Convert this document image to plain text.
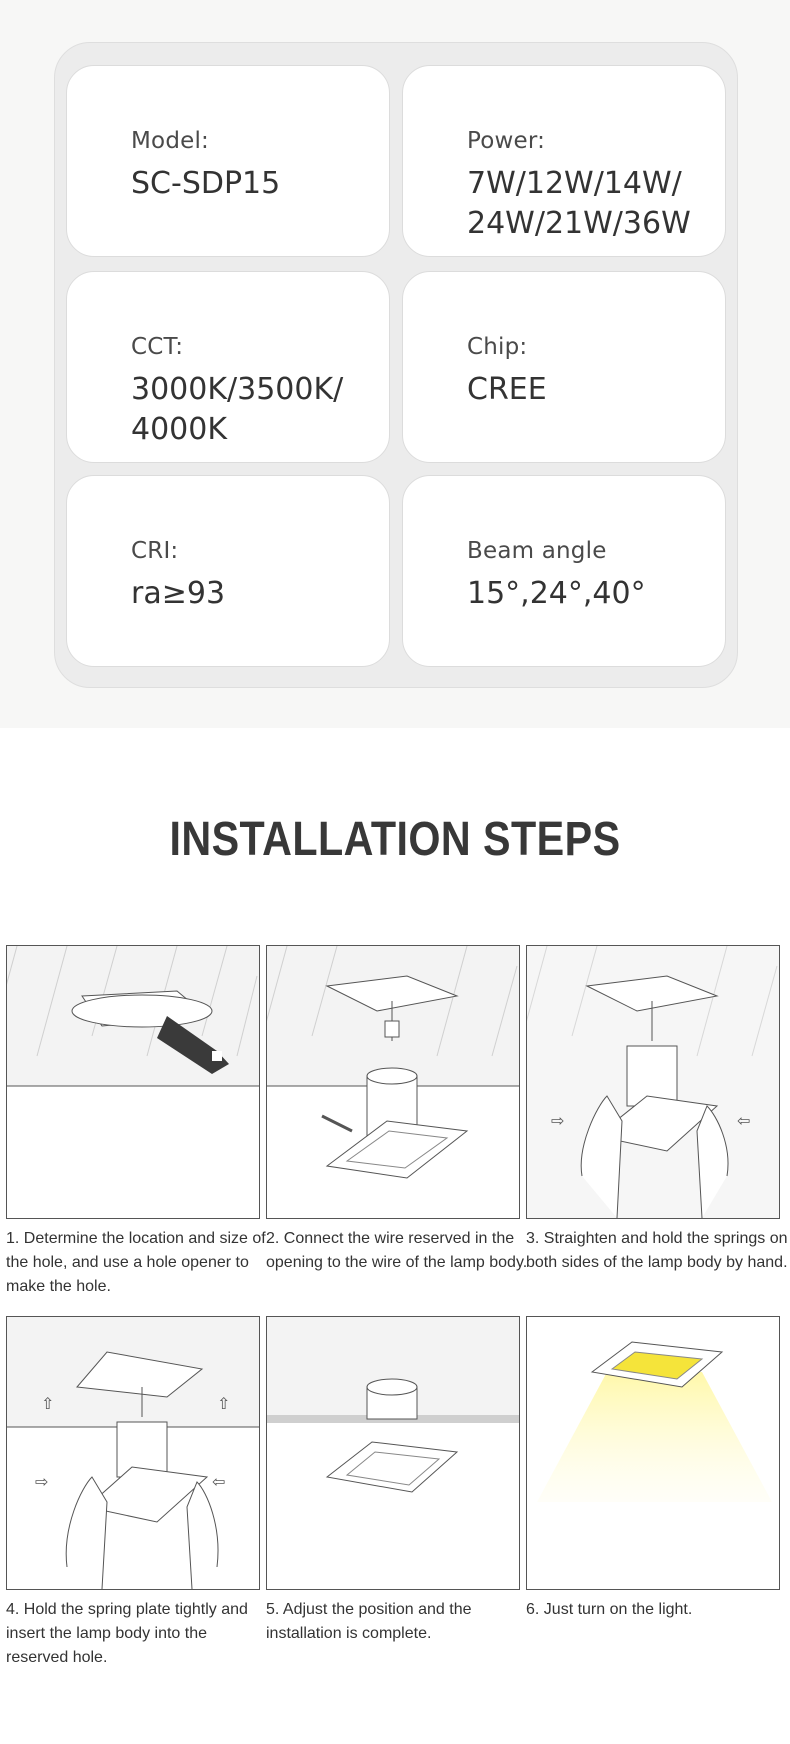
Model:
SC-SDP15
Power:
7W/12W/14W/ 24W/21W/36W
CCT:
3000K/3500K/ 4000K
Chip:
CREE
CRI:
ra≥93
Beam angle
15°,24°,40°
INSTALLATION STEPS
1. Determine the location and size of the hole, and use a hole opener to make the hole.
2. Connect the wire reserved in the opening to the wire of the lamp body.
⇨	⇦
3. Straighten and hold the springs on both sides of the lamp body by hand.
⇧	⇧
⇨	⇦
4. Hold the spring plate tightly and insert the lamp body into the reserved hole.
5. Adjust the position and the installation is complete.
6. Just turn on the light.
